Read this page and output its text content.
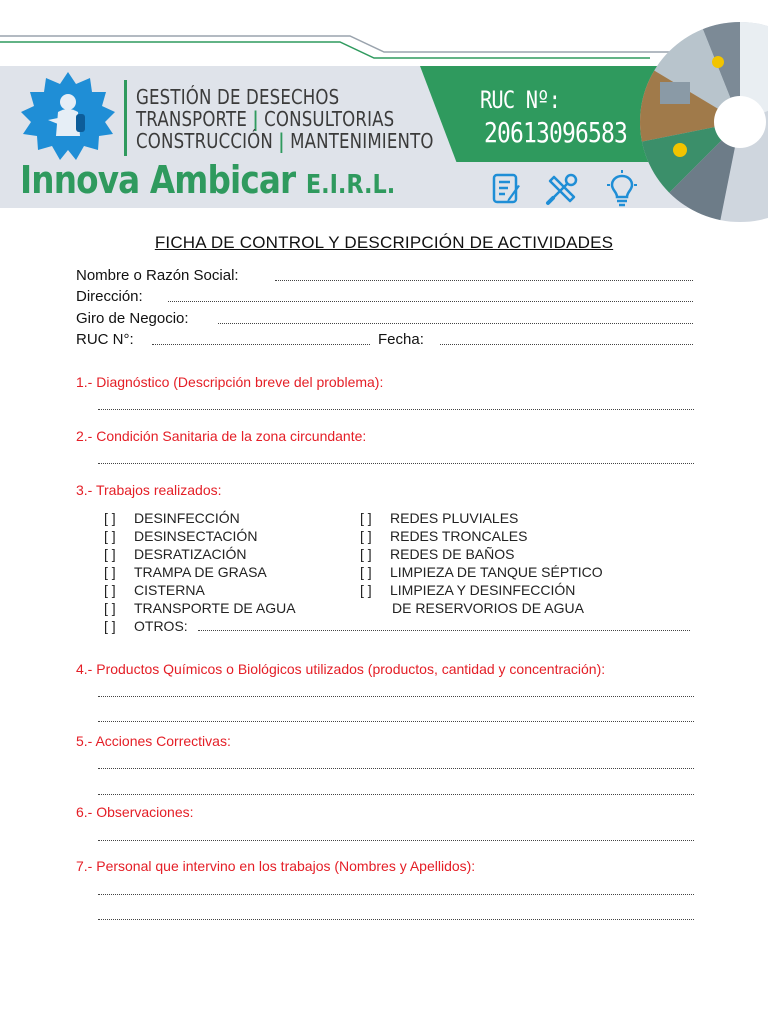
GESTIÓN DE DESECHOS
TRANSPORTE | CONSULTORIAS
CONSTRUCCIÓN | MANTENIMIENTO
Innova Ambicar E.I.R.L.
RUC Nº:
20613096583
FICHA DE CONTROL Y DESCRIPCIÓN DE ACTIVIDADES
Nombre o Razón Social:
Dirección:
Giro de Negocio:
RUC N°:	Fecha:
1.- Diagnóstico (Descripción breve del problema):
2.- Condición Sanitaria de la zona circundante:
3.- Trabajos realizados:
[ ] DESINFECCIÓN
[ ] DESINSECTACIÓN
[ ] DESRATIZACIÓN
[ ] TRAMPA DE GRASA
[ ] CISTERNA
[ ] TRANSPORTE DE AGUA
[ ] OTROS:
[ ] REDES PLUVIALES
[ ] REDES TRONCALES
[ ] REDES DE BAÑOS
[ ] LIMPIEZA DE TANQUE SÉPTICO
[ ] LIMPIEZA Y DESINFECCIÓN
DE RESERVORIOS DE AGUA
4.- Productos Químicos o Biológicos utilizados (productos, cantidad y concentración):
5.- Acciones Correctivas:
6.- Observaciones:
7.- Personal que intervino en los trabajos (Nombres y Apellidos):
